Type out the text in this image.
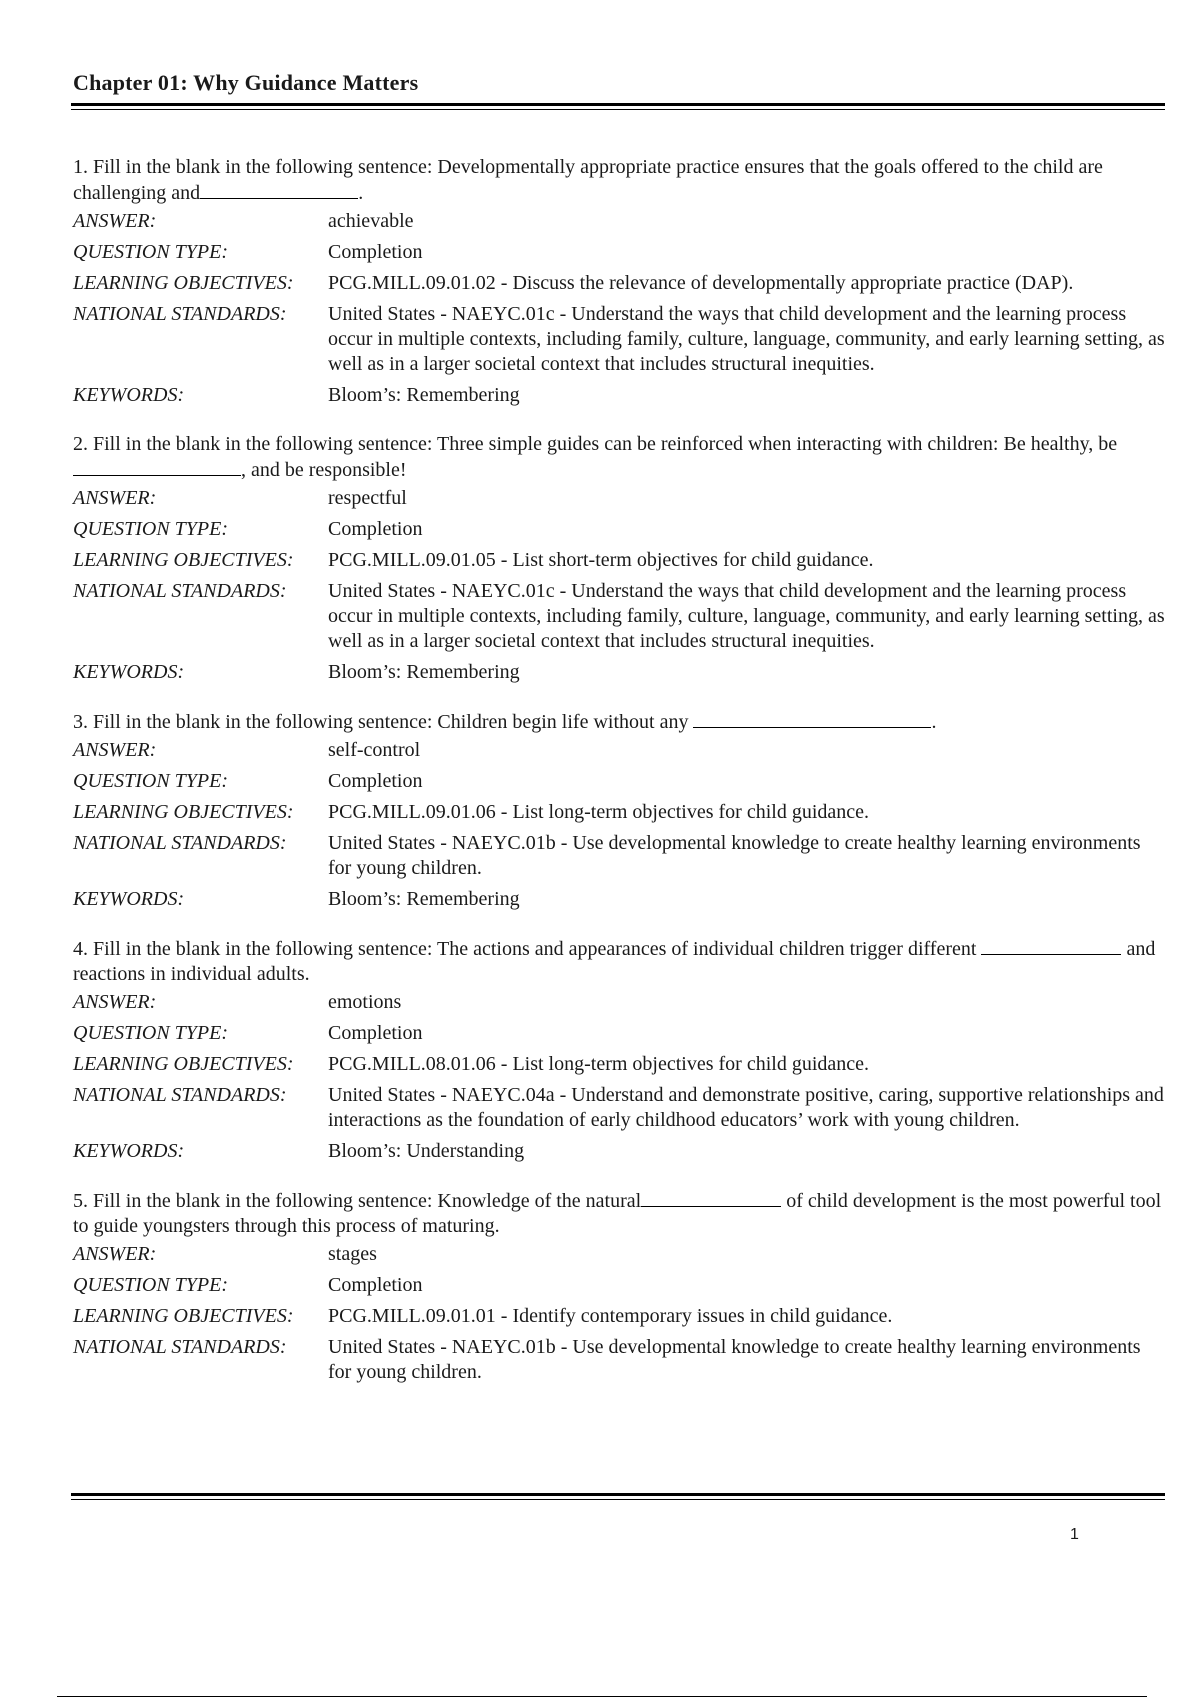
Chapter 01: Why Guidance Matters
1. Fill in the blank in the following sentence: Developmentally appropriate practice ensures that the goals offered to the child are challenging and	.
ANSWER:	achievable
QUESTION TYPE:	Completion
LEARNING OBJECTIVES:	PCG.MILL.09.01.02 - Discuss the relevance of developmentally appropriate practice (DAP).
NATIONAL STANDARDS:	United States - NAEYC.01c - Understand the ways that child development and the learning process occur in multiple contexts, including family, culture, language, community, and early learning setting, as well as in a larger societal context that includes structural inequities.
KEYWORDS:	Bloom’s: Remembering
2. Fill in the blank in the following sentence: Three simple guides can be reinforced when interacting with children: Be healthy, be, and be responsible!
ANSWER:	respectful
QUESTION TYPE:	Completion
LEARNING OBJECTIVES:	PCG.MILL.09.01.05 - List short-term objectives for child guidance.
NATIONAL STANDARDS:	United States - NAEYC.01c - Understand the ways that child development and the learning process occur in multiple contexts, including family, culture, language, community, and early learning setting, as well as in a larger societal context that includes structural inequities.
KEYWORDS:	Bloom’s: Remembering
3. Fill in the blank in the following sentence: Children begin life without any	.
ANSWER:	self-control
QUESTION TYPE:	Completion
LEARNING OBJECTIVES:	PCG.MILL.09.01.06 - List long-term objectives for child guidance.
NATIONAL STANDARDS:	United States - NAEYC.01b - Use developmental knowledge to create healthy learning environments for young children.
KEYWORDS:	Bloom’s: Remembering
4. Fill in the blank in the following sentence: The actions and appearances of individual children trigger different	and reactions in individual adults.
ANSWER:	emotions
QUESTION TYPE:	Completion
LEARNING OBJECTIVES:	PCG.MILL.08.01.06 - List long-term objectives for child guidance.
NATIONAL STANDARDS:	United States - NAEYC.04a - Understand and demonstrate positive, caring, supportive relationships and interactions as the foundation of early childhood educators’ work with young children.
KEYWORDS:	Bloom’s: Understanding
5. Fill in the blank in the following sentence: Knowledge of the natural	of child development is the most powerful tool to guide youngsters through this process of maturing.
ANSWER:	stages
QUESTION TYPE:	Completion
LEARNING OBJECTIVES:	PCG.MILL.09.01.01 - Identify contemporary issues in child guidance.
NATIONAL STANDARDS:	United States - NAEYC.01b - Use developmental knowledge to create healthy learning environments for young children.
1
